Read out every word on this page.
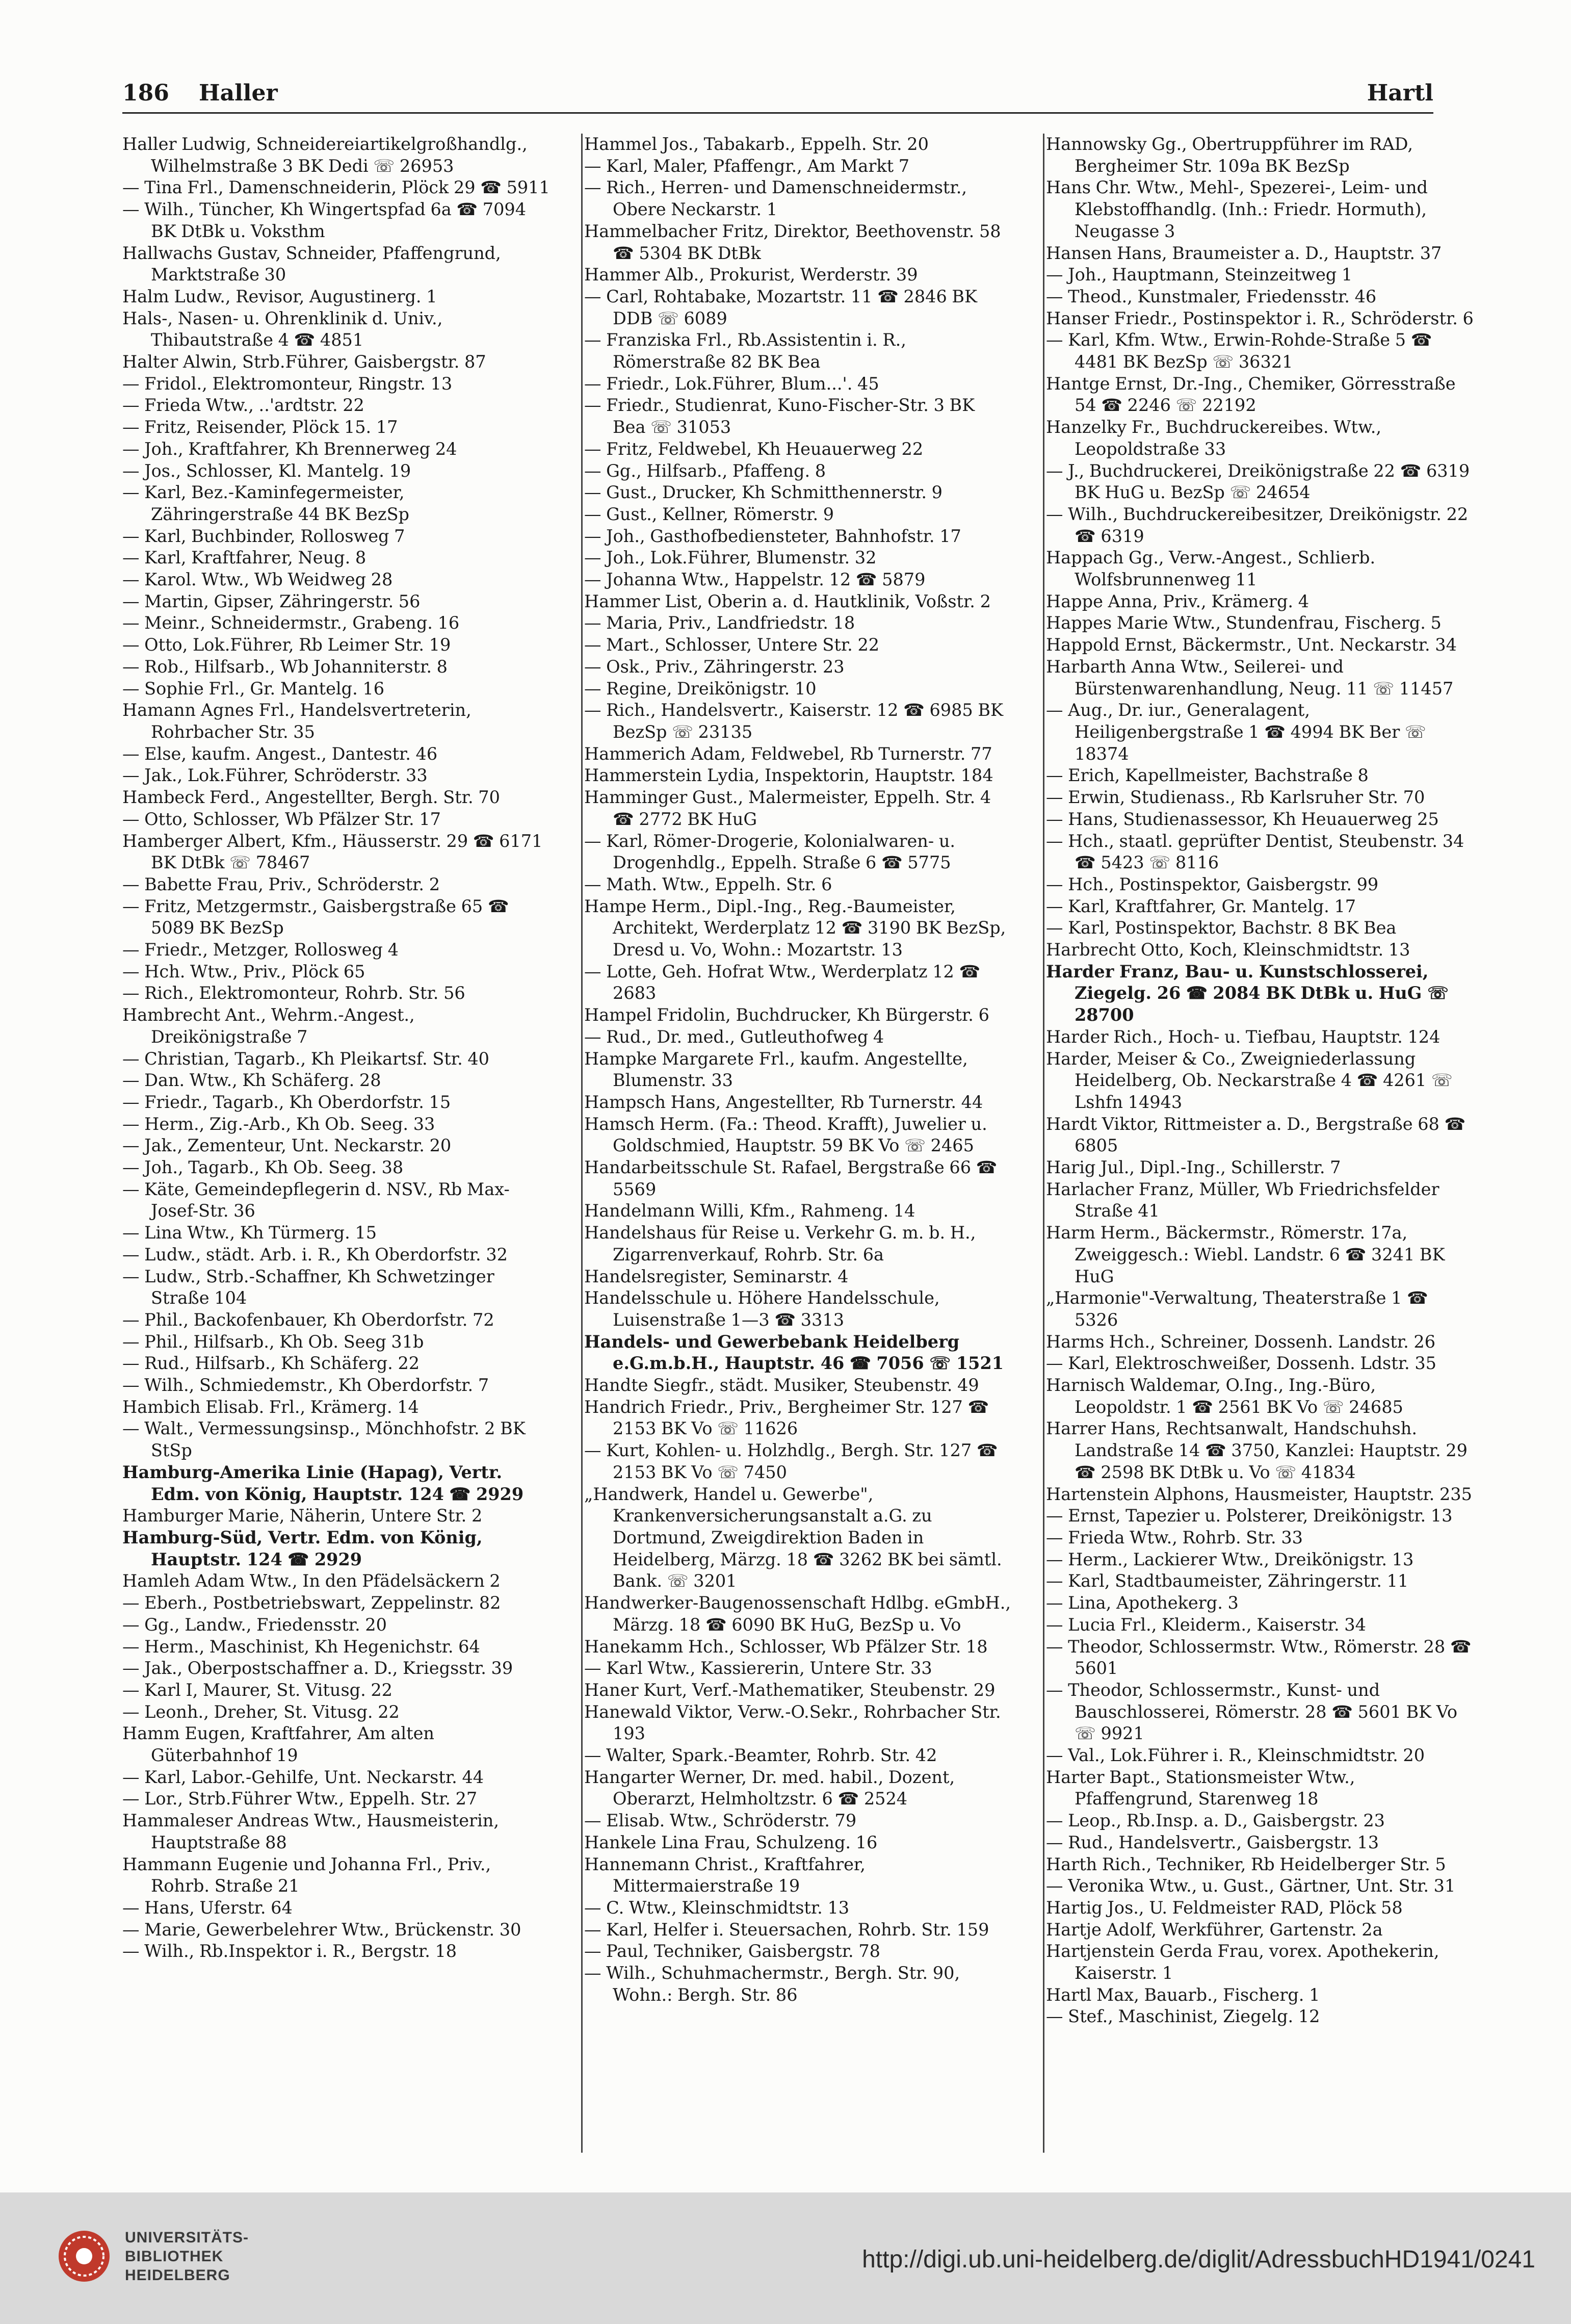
186 Haller	Hartl
Haller Ludwig, Schneidereiartikelgroßhandlg., Wilhelmstraße 3 BK Dedi ☏ 26953
— Tina Frl., Damenschneiderin, Plöck 29 ☎ 5911
— Wilh., Tüncher, Kh Wingertspfad 6a ☎ 7094 BK DtBk u. Voksthm
Hallwachs Gustav, Schneider, Pfaffengrund, Marktstraße 30
Halm Ludw., Revisor, Augustinerg. 1
Hals-, Nasen- u. Ohrenklinik d. Univ., Thibautstraße 4 ☎ 4851
Halter Alwin, Strb.Führer, Gaisbergstr. 87
— Fridol., Elektromonteur, Ringstr. 13
— Frieda Wtw., ..'ardtstr. 22
— Fritz, Reisender, Plöck 15. 17
— Joh., Kraftfahrer, Kh Brennerweg 24
— Jos., Schlosser, Kl. Mantelg. 19
— Karl, Bez.-Kaminfegermeister, Zähringerstraße 44 BK BezSp
— Karl, Buchbinder, Rollosweg 7
— Karl, Kraftfahrer, Neug. 8
— Karol. Wtw., Wb Weidweg 28
— Martin, Gipser, Zähringerstr. 56
— Meinr., Schneidermstr., Grabeng. 16
— Otto, Lok.Führer, Rb Leimer Str. 19
— Rob., Hilfsarb., Wb Johanniterstr. 8
— Sophie Frl., Gr. Mantelg. 16
Hamann Agnes Frl., Handelsvertreterin, Rohrbacher Str. 35
— Else, kaufm. Angest., Dantestr. 46
— Jak., Lok.Führer, Schröderstr. 33
Hambeck Ferd., Angestellter, Bergh. Str. 70
— Otto, Schlosser, Wb Pfälzer Str. 17
Hamberger Albert, Kfm., Häusserstr. 29 ☎ 6171 BK DtBk ☏ 78467
— Babette Frau, Priv., Schröderstr. 2
— Fritz, Metzgermstr., Gaisbergstraße 65 ☎ 5089 BK BezSp
— Friedr., Metzger, Rollosweg 4
— Hch. Wtw., Priv., Plöck 65
— Rich., Elektromonteur, Rohrb. Str. 56
Hambrecht Ant., Wehrm.-Angest., Dreikönigstraße 7
— Christian, Tagarb., Kh Pleikartsf. Str. 40
— Dan. Wtw., Kh Schäferg. 28
— Friedr., Tagarb., Kh Oberdorfstr. 15
— Herm., Zig.-Arb., Kh Ob. Seeg. 33
— Jak., Zementeur, Unt. Neckarstr. 20
— Joh., Tagarb., Kh Ob. Seeg. 38
— Käte, Gemeindepflegerin d. NSV., Rb Max-Josef-Str. 36
— Lina Wtw., Kh Türmerg. 15
— Ludw., städt. Arb. i. R., Kh Oberdorfstr. 32
— Ludw., Strb.-Schaffner, Kh Schwetzinger Straße 104
— Phil., Backofenbauer, Kh Oberdorfstr. 72
— Phil., Hilfsarb., Kh Ob. Seeg 31b
— Rud., Hilfsarb., Kh Schäferg. 22
— Wilh., Schmiedemstr., Kh Oberdorfstr. 7
Hambich Elisab. Frl., Krämerg. 14
— Walt., Vermessungsinsp., Mönchhofstr. 2 BK StSp
Hamburg-Amerika Linie (Hapag), Vertr. Edm. von König, Hauptstr. 124 ☎ 2929
Hamburger Marie, Näherin, Untere Str. 2
Hamburg-Süd, Vertr. Edm. von König, Hauptstr. 124 ☎ 2929
Hamleh Adam Wtw., In den Pfädelsäckern 2
— Eberh., Postbetriebswart, Zeppelinstr. 82
— Gg., Landw., Friedensstr. 20
— Herm., Maschinist, Kh Hegenichstr. 64
— Jak., Oberpostschaffner a. D., Kriegsstr. 39
— Karl I, Maurer, St. Vitusg. 22
— Leonh., Dreher, St. Vitusg. 22
Hamm Eugen, Kraftfahrer, Am alten Güterbahnhof 19
— Karl, Labor.-Gehilfe, Unt. Neckarstr. 44
— Lor., Strb.Führer Wtw., Eppelh. Str. 27
Hammaleser Andreas Wtw., Hausmeisterin, Hauptstraße 88
Hammann Eugenie und Johanna Frl., Priv., Rohrb. Straße 21
— Hans, Uferstr. 64
— Marie, Gewerbelehrer Wtw., Brückenstr. 30
— Wilh., Rb.Inspektor i. R., Bergstr. 18
Hammel Jos., Tabakarb., Eppelh. Str. 20
— Karl, Maler, Pfaffengr., Am Markt 7
— Rich., Herren- und Damenschneidermstr., Obere Neckarstr. 1
Hammelbacher Fritz, Direktor, Beethovenstr. 58 ☎ 5304 BK DtBk
Hammer Alb., Prokurist, Werderstr. 39
— Carl, Rohtabake, Mozartstr. 11 ☎ 2846 BK DDB ☏ 6089
— Franziska Frl., Rb.Assistentin i. R., Römerstraße 82 BK Bea
— Friedr., Lok.Führer, Blum...'. 45
— Friedr., Studienrat, Kuno-Fischer-Str. 3 BK Bea ☏ 31053
— Fritz, Feldwebel, Kh Heuauerweg 22
— Gg., Hilfsarb., Pfaffeng. 8
— Gust., Drucker, Kh Schmitthennerstr. 9
— Gust., Kellner, Römerstr. 9
— Joh., Gasthofbediensteter, Bahnhofstr. 17
— Joh., Lok.Führer, Blumenstr. 32
— Johanna Wtw., Happelstr. 12 ☎ 5879
Hammer List, Oberin a. d. Hautklinik, Voßstr. 2
— Maria, Priv., Landfriedstr. 18
— Mart., Schlosser, Untere Str. 22
— Osk., Priv., Zähringerstr. 23
— Regine, Dreikönigstr. 10
— Rich., Handelsvertr., Kaiserstr. 12 ☎ 6985 BK BezSp ☏ 23135
Hammerich Adam, Feldwebel, Rb Turnerstr. 77
Hammerstein Lydia, Inspektorin, Hauptstr. 184
Hamminger Gust., Malermeister, Eppelh. Str. 4 ☎ 2772 BK HuG
— Karl, Römer-Drogerie, Kolonialwaren- u. Drogenhdlg., Eppelh. Straße 6 ☎ 5775
— Math. Wtw., Eppelh. Str. 6
Hampe Herm., Dipl.-Ing., Reg.-Baumeister, Architekt, Werderplatz 12 ☎ 3190 BK BezSp, Dresd u. Vo, Wohn.: Mozartstr. 13
— Lotte, Geh. Hofrat Wtw., Werderplatz 12 ☎ 2683
Hampel Fridolin, Buchdrucker, Kh Bürgerstr. 6
— Rud., Dr. med., Gutleuthofweg 4
Hampke Margarete Frl., kaufm. Angestellte, Blumenstr. 33
Hampsch Hans, Angestellter, Rb Turnerstr. 44
Hamsch Herm. (Fa.: Theod. Krafft), Juwelier u. Goldschmied, Hauptstr. 59 BK Vo ☏ 2465
Handarbeitsschule St. Rafael, Bergstraße 66 ☎ 5569
Handelmann Willi, Kfm., Rahmeng. 14
Handelshaus für Reise u. Verkehr G. m. b. H., Zigarrenverkauf, Rohrb. Str. 6a
Handelsregister, Seminarstr. 4
Handelsschule u. Höhere Handelsschule, Luisenstraße 1—3 ☎ 3313
Handels- und Gewerbebank Heidelberg e.G.m.b.H., Hauptstr. 46 ☎ 7056 ☏ 1521
Handte Siegfr., städt. Musiker, Steubenstr. 49
Handrich Friedr., Priv., Bergheimer Str. 127 ☎ 2153 BK Vo ☏ 11626
— Kurt, Kohlen- u. Holzhdlg., Bergh. Str. 127 ☎ 2153 BK Vo ☏ 7450
„Handwerk, Handel u. Gewerbe", Krankenversicherungsanstalt a.G. zu Dortmund, Zweigdirektion Baden in Heidelberg, Märzg. 18 ☎ 3262 BK bei sämtl. Bank. ☏ 3201
Handwerker-Baugenossenschaft Hdlbg. eGmbH., Märzg. 18 ☎ 6090 BK HuG, BezSp u. Vo
Hanekamm Hch., Schlosser, Wb Pfälzer Str. 18
— Karl Wtw., Kassiererin, Untere Str. 33
Haner Kurt, Verf.-Mathematiker, Steubenstr. 29
Hanewald Viktor, Verw.-O.Sekr., Rohrbacher Str. 193
— Walter, Spark.-Beamter, Rohrb. Str. 42
Hangarter Werner, Dr. med. habil., Dozent, Oberarzt, Helmholtzstr. 6 ☎ 2524
— Elisab. Wtw., Schröderstr. 79
Hankele Lina Frau, Schulzeng. 16
Hannemann Christ., Kraftfahrer, Mittermaierstraße 19
— C. Wtw., Kleinschmidtstr. 13
— Karl, Helfer i. Steuersachen, Rohrb. Str. 159
— Paul, Techniker, Gaisbergstr. 78
— Wilh., Schuhmachermstr., Bergh. Str. 90, Wohn.: Bergh. Str. 86
Hannowsky Gg., Obertruppführer im RAD, Bergheimer Str. 109a BK BezSp
Hans Chr. Wtw., Mehl-, Spezerei-, Leim- und Klebstoffhandlg. (Inh.: Friedr. Hormuth), Neugasse 3
Hansen Hans, Braumeister a. D., Hauptstr. 37
— Joh., Hauptmann, Steinzeitweg 1
— Theod., Kunstmaler, Friedensstr. 46
Hanser Friedr., Postinspektor i. R., Schröderstr. 6
— Karl, Kfm. Wtw., Erwin-Rohde-Straße 5 ☎ 4481 BK BezSp ☏ 36321
Hantge Ernst, Dr.-Ing., Chemiker, Görresstraße 54 ☎ 2246 ☏ 22192
Hanzelky Fr., Buchdruckereibes. Wtw., Leopoldstraße 33
— J., Buchdruckerei, Dreikönigstraße 22 ☎ 6319 BK HuG u. BezSp ☏ 24654
— Wilh., Buchdruckereibesitzer, Dreikönigstr. 22 ☎ 6319
Happach Gg., Verw.-Angest., Schlierb. Wolfsbrunnenweg 11
Happe Anna, Priv., Krämerg. 4
Happes Marie Wtw., Stundenfrau, Fischerg. 5
Happold Ernst, Bäckermstr., Unt. Neckarstr. 34
Harbarth Anna Wtw., Seilerei- und Bürstenwarenhandlung, Neug. 11 ☏ 11457
— Aug., Dr. iur., Generalagent, Heiligenbergstraße 1 ☎ 4994 BK Ber ☏ 18374
— Erich, Kapellmeister, Bachstraße 8
— Erwin, Studienass., Rb Karlsruher Str. 70
— Hans, Studienassessor, Kh Heuauerweg 25
— Hch., staatl. geprüfter Dentist, Steubenstr. 34 ☎ 5423 ☏ 8116
— Hch., Postinspektor, Gaisbergstr. 99
— Karl, Kraftfahrer, Gr. Mantelg. 17
— Karl, Postinspektor, Bachstr. 8 BK Bea
Harbrecht Otto, Koch, Kleinschmidtstr. 13
Harder Franz, Bau- u. Kunstschlosserei, Ziegelg. 26 ☎ 2084 BK DtBk u. HuG ☏ 28700
Harder Rich., Hoch- u. Tiefbau, Hauptstr. 124
Harder, Meiser & Co., Zweigniederlassung Heidelberg, Ob. Neckarstraße 4 ☎ 4261 ☏ Lshfn 14943
Hardt Viktor, Rittmeister a. D., Bergstraße 68 ☎ 6805
Harig Jul., Dipl.-Ing., Schillerstr. 7
Harlacher Franz, Müller, Wb Friedrichsfelder Straße 41
Harm Herm., Bäckermstr., Römerstr. 17a, Zweiggesch.: Wiebl. Landstr. 6 ☎ 3241 BK HuG
„Harmonie"-Verwaltung, Theaterstraße 1 ☎ 5326
Harms Hch., Schreiner, Dossenh. Landstr. 26
— Karl, Elektroschweißer, Dossenh. Ldstr. 35
Harnisch Waldemar, O.Ing., Ing.-Büro, Leopoldstr. 1 ☎ 2561 BK Vo ☏ 24685
Harrer Hans, Rechtsanwalt, Handschuhsh. Landstraße 14 ☎ 3750, Kanzlei: Hauptstr. 29 ☎ 2598 BK DtBk u. Vo ☏ 41834
Hartenstein Alphons, Hausmeister, Hauptstr. 235
— Ernst, Tapezier u. Polsterer, Dreikönigstr. 13
— Frieda Wtw., Rohrb. Str. 33
— Herm., Lackierer Wtw., Dreikönigstr. 13
— Karl, Stadtbaumeister, Zähringerstr. 11
— Lina, Apothekerg. 3
— Lucia Frl., Kleiderm., Kaiserstr. 34
— Theodor, Schlossermstr. Wtw., Römerstr. 28 ☎ 5601
— Theodor, Schlossermstr., Kunst- und Bauschlosserei, Römerstr. 28 ☎ 5601 BK Vo ☏ 9921
— Val., Lok.Führer i. R., Kleinschmidtstr. 20
Harter Bapt., Stationsmeister Wtw., Pfaffengrund, Starenweg 18
— Leop., Rb.Insp. a. D., Gaisbergstr. 23
— Rud., Handelsvertr., Gaisbergstr. 13
Harth Rich., Techniker, Rb Heidelberger Str. 5
— Veronika Wtw., u. Gust., Gärtner, Unt. Str. 31
Hartig Jos., U. Feldmeister RAD, Plöck 58
Hartje Adolf, Werkführer, Gartenstr. 2a
Hartjenstein Gerda Frau, vorex. Apothekerin, Kaiserstr. 1
Hartl Max, Bauarb., Fischerg. 1
— Stef., Maschinist, Ziegelg. 12
UNIVERSITÄTS-
BIBLIOTHEK
HEIDELBERG
http://digi.ub.uni-heidelberg.de/diglit/AdressbuchHD1941/0241
